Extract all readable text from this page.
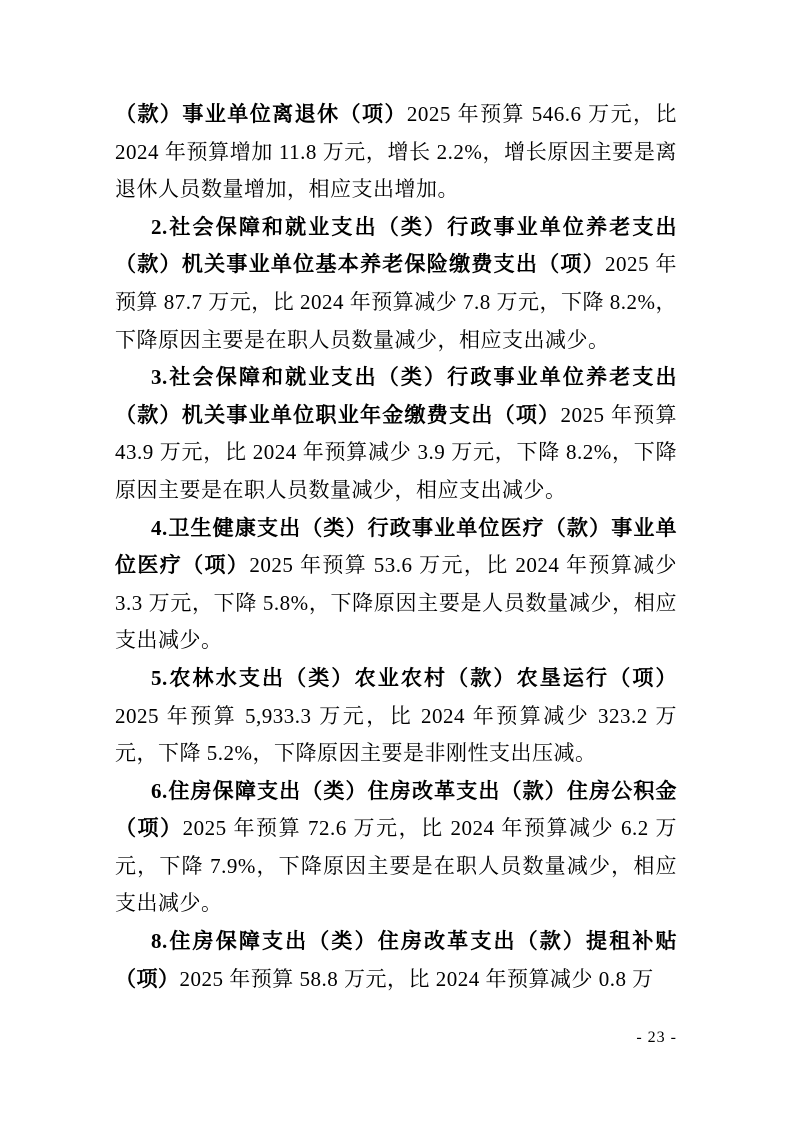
（款）事业单位离退休（项）2025 年预算 546.6 万元，比 2024 年预算增加 11.8 万元，增长 2.2%，增长原因主要是离退休人员数量增加，相应支出增加。

2.社会保障和就业支出（类）行政事业单位养老支出（款）机关事业单位基本养老保险缴费支出（项）2025 年预算 87.7 万元，比 2024 年预算减少 7.8 万元，下降 8.2%，下降原因主要是在职人员数量减少，相应支出减少。

3.社会保障和就业支出（类）行政事业单位养老支出（款）机关事业单位职业年金缴费支出（项）2025 年预算 43.9 万元，比 2024 年预算减少 3.9 万元，下降 8.2%，下降原因主要是在职人员数量减少，相应支出减少。

4.卫生健康支出（类）行政事业单位医疗（款）事业单位医疗（项）2025 年预算 53.6 万元，比 2024 年预算减少 3.3 万元，下降 5.8%，下降原因主要是人员数量减少，相应支出减少。

5.农林水支出（类）农业农村（款）农垦运行（项）2025 年预算 5,933.3 万元，比 2024 年预算减少 323.2 万元，下降 5.2%，下降原因主要是非刚性支出压减。

6.住房保障支出（类）住房改革支出（款）住房公积金（项）2025 年预算 72.6 万元，比 2024 年预算减少 6.2 万元，下降 7.9%，下降原因主要是在职人员数量减少，相应支出减少。

8.住房保障支出（类）住房改革支出（款）提租补贴（项）2025 年预算 58.8 万元，比 2024 年预算减少 0.8 万

- 23 -
